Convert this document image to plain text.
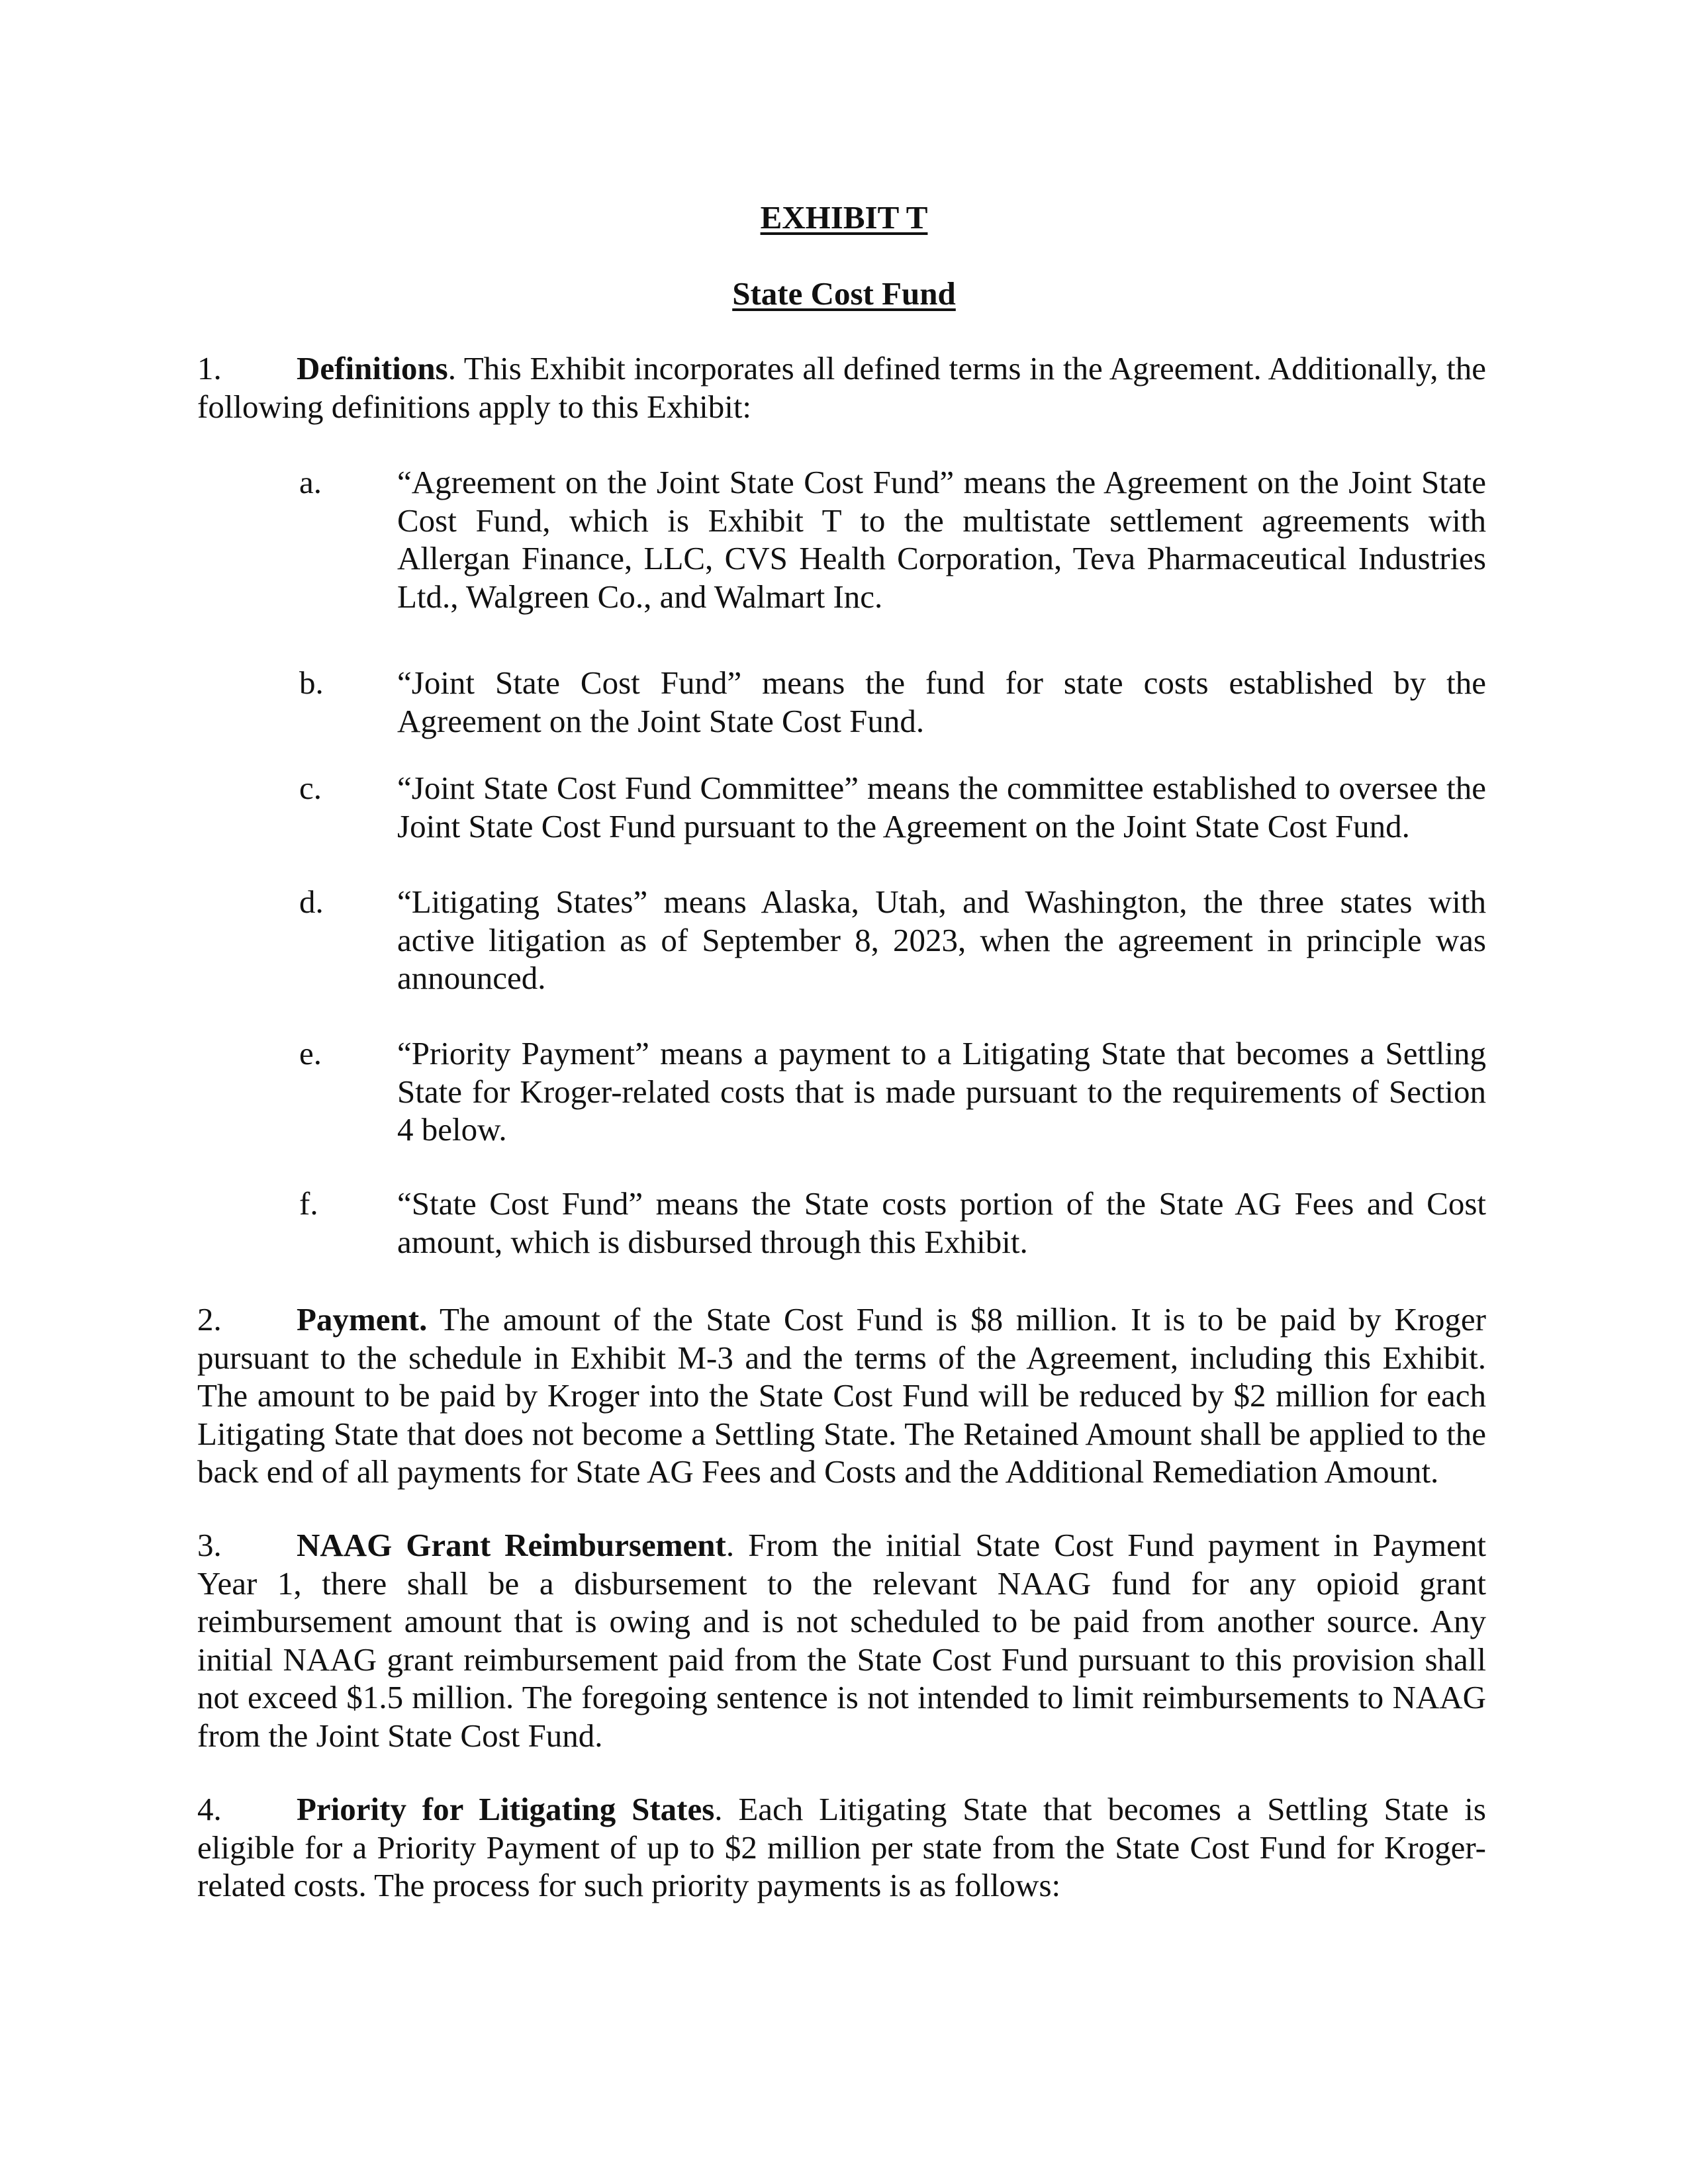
EXHIBIT T
State Cost Fund

1. Definitions. This Exhibit incorporates all defined terms in the Agreement. Additionally, the following definitions apply to this Exhibit:

a.	“Agreement on the Joint State Cost Fund” means the Agreement on the Joint State Cost Fund, which is Exhibit T to the multistate settlement agreements with Allergan Finance, LLC, CVS Health Corporation, Teva Pharmaceutical Industries Ltd., Walgreen Co., and Walmart Inc.
b.	“Joint State Cost Fund” means the fund for state costs established by the Agreement on the Joint State Cost Fund.
c.	“Joint State Cost Fund Committee” means the committee established to oversee the Joint State Cost Fund pursuant to the Agreement on the Joint State Cost Fund.
d.	“Litigating States” means Alaska, Utah, and Washington, the three states with active litigation as of September 8, 2023, when the agreement in principle was announced.
e.	“Priority Payment” means a payment to a Litigating State that becomes a Settling State for Kroger-related costs that is made pursuant to the requirements of Section 4 below.
f.	“State Cost Fund” means the State costs portion of the State AG Fees and Cost amount, which is disbursed through this Exhibit.

2. Payment. The amount of the State Cost Fund is $8 million. It is to be paid by Kroger pursuant to the schedule in Exhibit M-3 and the terms of the Agreement, including this Exhibit. The amount to be paid by Kroger into the State Cost Fund will be reduced by $2 million for each Litigating State that does not become a Settling State. The Retained Amount shall be applied to the back end of all payments for State AG Fees and Costs and the Additional Remediation Amount.

3. NAAG Grant Reimbursement. From the initial State Cost Fund payment in Payment Year 1, there shall be a disbursement to the relevant NAAG fund for any opioid grant reimbursement amount that is owing and is not scheduled to be paid from another source. Any initial NAAG grant reimbursement paid from the State Cost Fund pursuant to this provision shall not exceed $1.5 million. The foregoing sentence is not intended to limit reimbursements to NAAG from the Joint State Cost Fund.

4. Priority for Litigating States. Each Litigating State that becomes a Settling State is eligible for a Priority Payment of up to $2 million per state from the State Cost Fund for Kroger-related costs. The process for such priority payments is as follows:
